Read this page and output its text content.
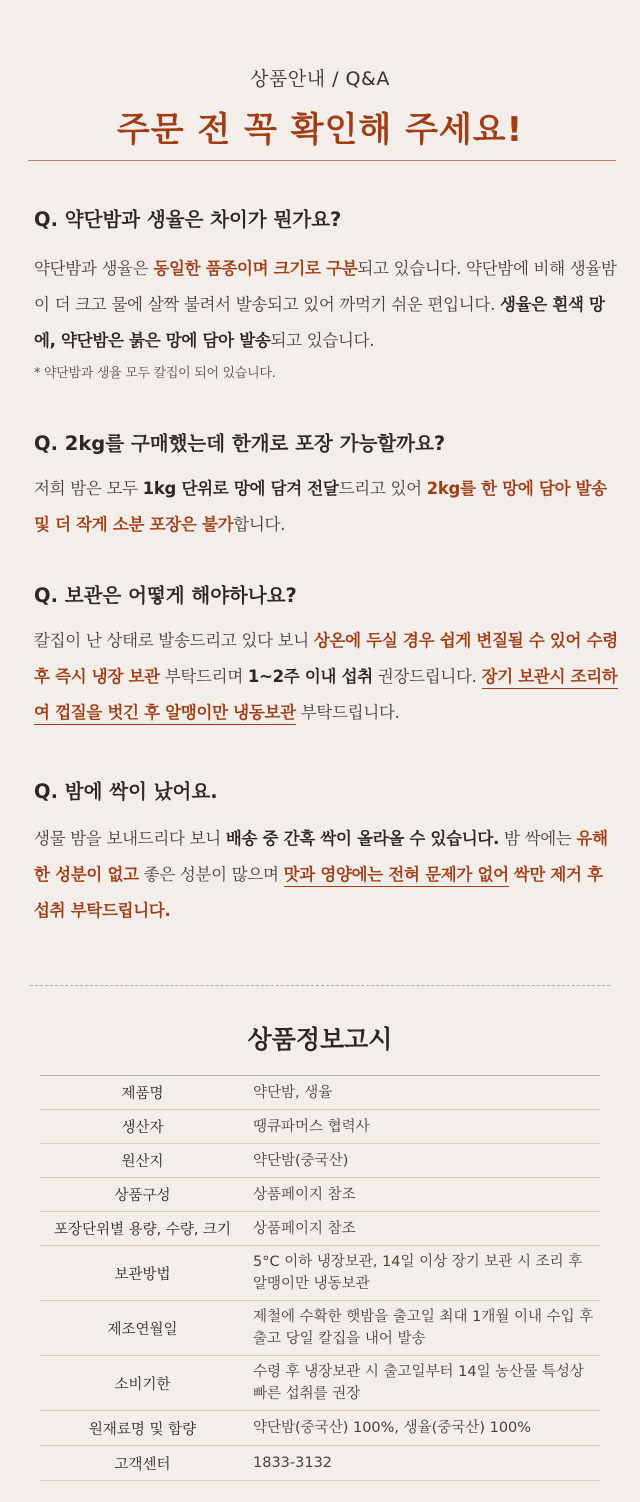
상품안내 / Q&A
주문 전 꼭 확인해 주세요!
Q. 약단밤과 생율은 차이가 뭔가요?
약단밤과 생율은 동일한 품종이며 크기로 구분되고 있습니다. 약단밤에 비해 생율밤이 더 크고 물에 살짝 불려서 발송되고 있어 까먹기 쉬운 편입니다. 생율은 흰색 망에, 약단밤은 붉은 망에 담아 발송되고 있습니다.
* 약단밤과 생율 모두 칼집이 되어 있습니다.
Q. 2kg를 구매했는데 한개로 포장 가능할까요?
저희 밤은 모두 1kg 단위로 망에 담겨 전달드리고 있어 2kg를 한 망에 담아 발송 및 더 작게 소분 포장은 불가합니다.
Q. 보관은 어떻게 해야하나요?
칼집이 난 상태로 발송드리고 있다 보니 상온에 두실 경우 쉽게 변질될 수 있어 수령 후 즉시 냉장 보관 부탁드리며 1~2주 이내 섭취 권장드립니다. 장기 보관시 조리하여 껍질을 벗긴 후 알맹이만 냉동보관 부탁드립니다.
Q. 밤에 싹이 났어요.
생물 밤을 보내드리다 보니 배송 중 간혹 싹이 올라올 수 있습니다. 밤 싹에는 유해한 성분이 없고 좋은 성분이 많으며 맛과 영양에는 전혀 문제가 없어 싹만 제거 후 섭취 부탁드립니다.
상품정보고시
제품명	약단밤, 생율
생산자	땡큐파머스 협력사
원산지	약단밤(중국산)
상품구성	상품페이지 참조
포장단위별 용량, 수량, 크기	상품페이지 참조
보관방법	5°C 이하 냉장보관, 14일 이상 장기 보관 시 조리 후 알맹이만 냉동보관
제조연월일	제철에 수확한 햇밤을 출고일 최대 1개월 이내 수입 후 출고 당일 칼집을 내어 발송
소비기한	수령 후 냉장보관 시 출고일부터 14일 농산물 특성상 빠른 섭취를 권장
원재료명 및 함량	약단밤(중국산) 100%, 생율(중국산) 100%
고객센터	1833-3132
